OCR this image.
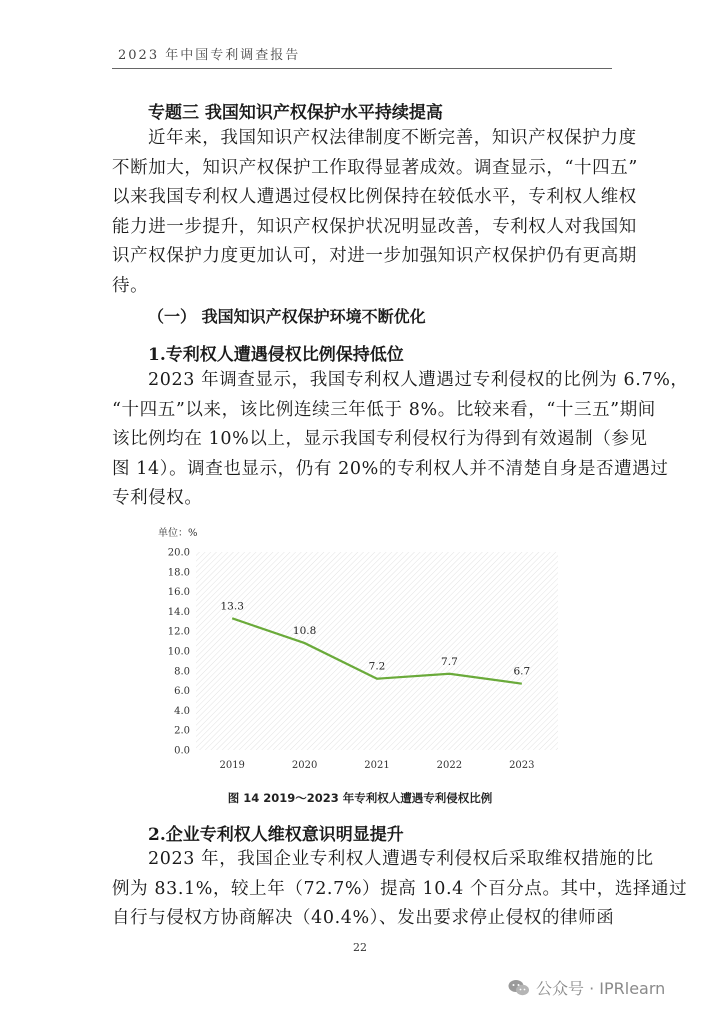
2023 年中国专利调查报告
专题三 我国知识产权保护水平持续提高
近年来，我国知识产权法律制度不断完善，知识产权保护力度
不断加大，知识产权保护工作取得显著成效。调查显示，“十四五”
以来我国专利权人遭遇过侵权比例保持在较低水平，专利权人维权
能力进一步提升，知识产权保护状况明显改善，专利权人对我国知
识产权保护力度更加认可，对进一步加强知识产权保护仍有更高期
待。
（一） 我国知识产权保护环境不断优化
1.专利权人遭遇侵权比例保持低位
2023 年调查显示，我国专利权人遭遇过专利侵权的比例为 6.7%，
“十四五”以来，该比例连续三年低于 8%。比较来看，“十三五”期间
该比例均在 10%以上，显示我国专利侵权行为得到有效遏制（参见
图 14）。调查也显示，仍有 20%的专利权人并不清楚自身是否遭遇过
专利侵权。
单位：%
0.0
2.0
4.0
6.0
8.0
10.0
12.0
14.0
16.0
18.0
20.0
2019	2020	2021	2022	2023
13.3
10.8
7.2	7.7
6.7
图 14 2019～2023 年专利权人遭遇专利侵权比例
2.企业专利权人维权意识明显提升
2023 年，我国企业专利权人遭遇专利侵权后采取维权措施的比
例为 83.1%，较上年（72.7%）提高 10.4 个百分点。其中，选择通过
自行与侵权方协商解决（40.4%）、发出要求停止侵权的律师函
22
公众号 · IPRlearn
